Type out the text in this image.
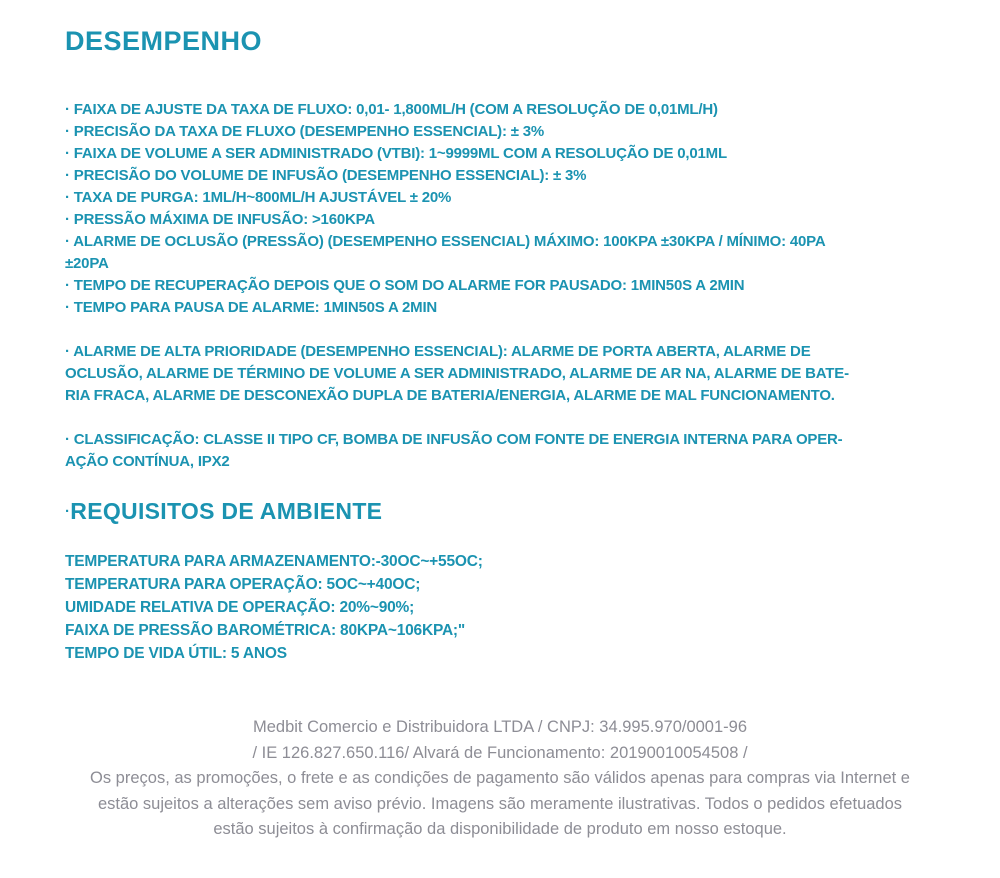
DESEMPENHO
· FAIXA DE AJUSTE DA TAXA DE FLUXO: 0,01- 1,800ML/H (COM A RESOLUÇÃO DE 0,01ML/H)
· PRECISÃO DA TAXA DE FLUXO (DESEMPENHO ESSENCIAL): ± 3%
· FAIXA DE VOLUME A SER ADMINISTRADO (VTBI): 1~9999ML COM A RESOLUÇÃO DE 0,01ML
· PRECISÃO DO VOLUME DE INFUSÃO (DESEMPENHO ESSENCIAL): ± 3%
· TAXA DE PURGA: 1ML/H~800ML/H AJUSTÁVEL ± 20%
· PRESSÃO MÁXIMA DE INFUSÃO: >160KPA
· ALARME DE OCLUSÃO (PRESSÃO) (DESEMPENHO ESSENCIAL) MÁXIMO: 100KPA ±30KPA / MÍNIMO: 40PA
±20PA
· TEMPO DE RECUPERAÇÃO DEPOIS QUE O SOM DO ALARME FOR PAUSADO: 1MIN50S A 2MIN
· TEMPO PARA PAUSA DE ALARME: 1MIN50S A 2MIN
· ALARME DE ALTA PRIORIDADE (DESEMPENHO ESSENCIAL): ALARME DE PORTA ABERTA, ALARME DE
OCLUSÃO, ALARME DE TÉRMINO DE VOLUME A SER ADMINISTRADO, ALARME DE AR NA, ALARME DE BATE-
RIA FRACA, ALARME DE DESCONEXÃO DUPLA DE BATERIA/ENERGIA, ALARME DE MAL FUNCIONAMENTO.
· CLASSIFICAÇÃO: CLASSE II TIPO CF, BOMBA DE INFUSÃO COM FONTE DE ENERGIA INTERNA PARA OPER-
AÇÃO CONTÍNUA, IPX2
·REQUISITOS DE AMBIENTE
TEMPERATURA PARA ARMAZENAMENTO:-30OC~+55OC;
TEMPERATURA PARA OPERAÇÃO: 5OC~+40OC;
UMIDADE RELATIVA DE OPERAÇÃO: 20%~90%;
FAIXA DE PRESSÃO BAROMÉTRICA: 80KPA~106KPA;"
TEMPO DE VIDA ÚTIL: 5 ANOS
Medbit Comercio e Distribuidora LTDA / CNPJ: 34.995.970/0001-96
/ IE 126.827.650.116/ Alvará de Funcionamento: 20190010054508 /
Os preços, as promoções, o frete e as condições de pagamento são válidos apenas para compras via Internet e
estão sujeitos a alterações sem aviso prévio. Imagens são meramente ilustrativas. Todos o pedidos efetuados
estão sujeitos à confirmação da disponibilidade de produto em nosso estoque.
